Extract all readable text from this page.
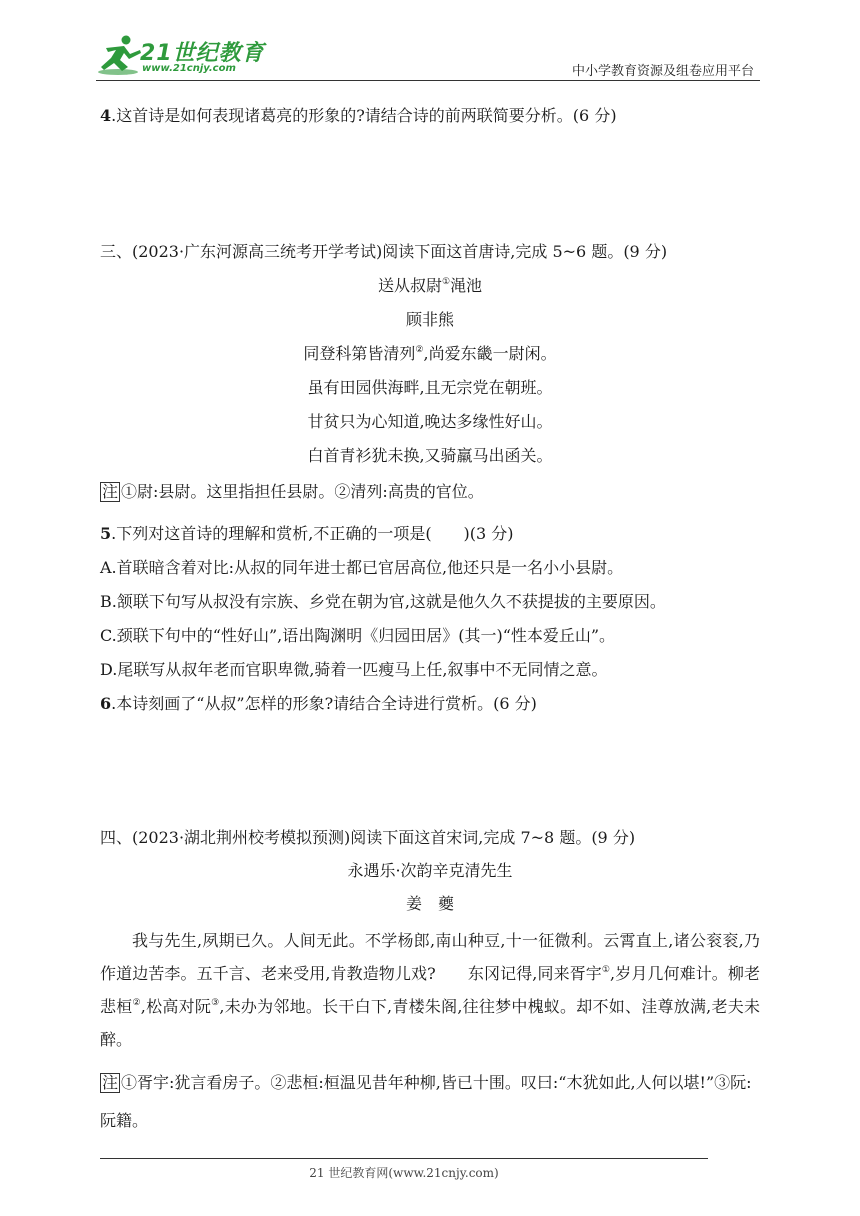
21世纪教育
www.21cnjy.com	中小学教育资源及组卷应用平台
4.这首诗是如何表现诸葛亮的形象的?请结合诗的前两联简要分析。(6 分)
三、(2023·广东河源高三统考开学考试)阅读下面这首唐诗,完成 5~6 题。(9 分)
送从叔尉①渑池
顾非熊
同登科第皆清列②,尚爱东畿一尉闲。
虽有田园供海畔,且无宗党在朝班。
甘贫只为心知道,晚达多缘性好山。
白首青衫犹未换,又骑羸马出函关。
注 ①尉:县尉。这里指担任县尉。②清列:高贵的官位。
5.下列对这首诗的理解和赏析,不正确的一项是(　　)(3 分)
A.首联暗含着对比:从叔的同年进士都已官居高位,他还只是一名小小县尉。
B.颔联下句写从叔没有宗族、乡党在朝为官,这就是他久久不获提拔的主要原因。
C.颈联下句中的“性好山”,语出陶渊明《归园田居》(其一)“性本爱丘山”。
D.尾联写从叔年老而官职卑微,骑着一匹瘦马上任,叙事中不无同情之意。
6.本诗刻画了“从叔”怎样的形象?请结合全诗进行赏析。(6 分)
四、(2023·湖北荆州校考模拟预测)阅读下面这首宋词,完成 7~8 题。(9 分)
永遇乐·次韵辛克清先生
姜　夔
我与先生,夙期已久。人间无此。不学杨郎,南山种豆,十一征微利。云霄直上,诸公衮衮,乃作道边苦李。五千言、老来受用,肯教造物儿戏?　　东冈记得,同来胥宇①,岁月几何难计。柳老悲桓②,松高对阮③,未办为邻地。长干白下,青楼朱阁,往往梦中槐蚁。却不如、洼尊放满,老夫未醉。
注 ①胥宇:犹言看房子。②悲桓:桓温见昔年种柳,皆已十围。叹曰:“木犹如此,人何以堪!”③阮:阮籍。
21 世纪教育网(www.21cnjy.com)
